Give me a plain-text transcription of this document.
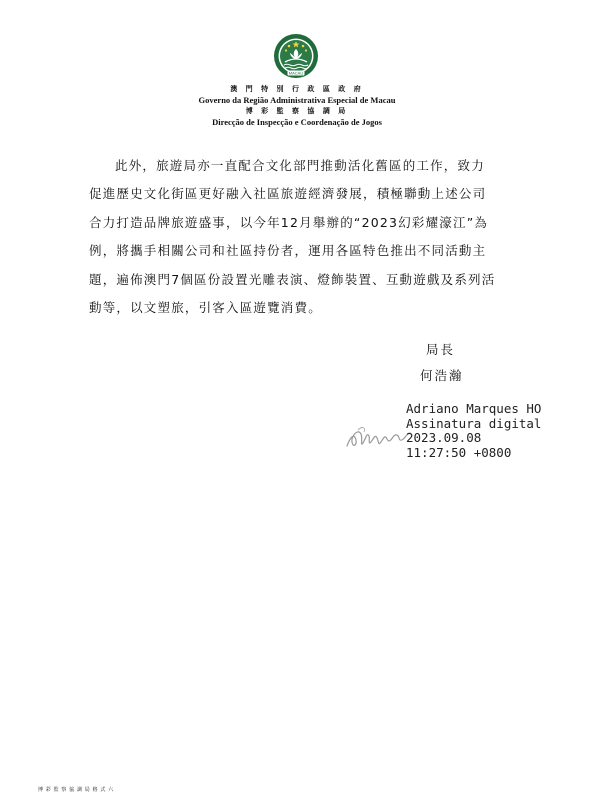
MACAU
澳 門 特 別 行 政 區 政 府
Governo da Região Administrativa Especial de Macau
博 彩 監 察 協 調 局
Direcção de Inspecção e Coordenação de Jogos
此外，旅遊局亦一直配合文化部門推動活化舊區的工作，致力
促進歷史文化街區更好融入社區旅遊經濟發展，積極聯動上述公司
合力打造品牌旅遊盛事，以今年12月舉辦的“2023幻彩耀濠江”為
例，將攜手相關公司和社區持份者，運用各區特色推出不同活動主
題，遍佈澳門7個區份設置光雕表演、燈飾裝置、互動遊戲及系列活
動等，以文塑旅，引客入區遊覽消費。
局長
何浩瀚
Adriano Marques HO
Assinatura digital
2023.09.08
11:27:50 +0800
博 彩 監 察 協 調 局 格 式 六
